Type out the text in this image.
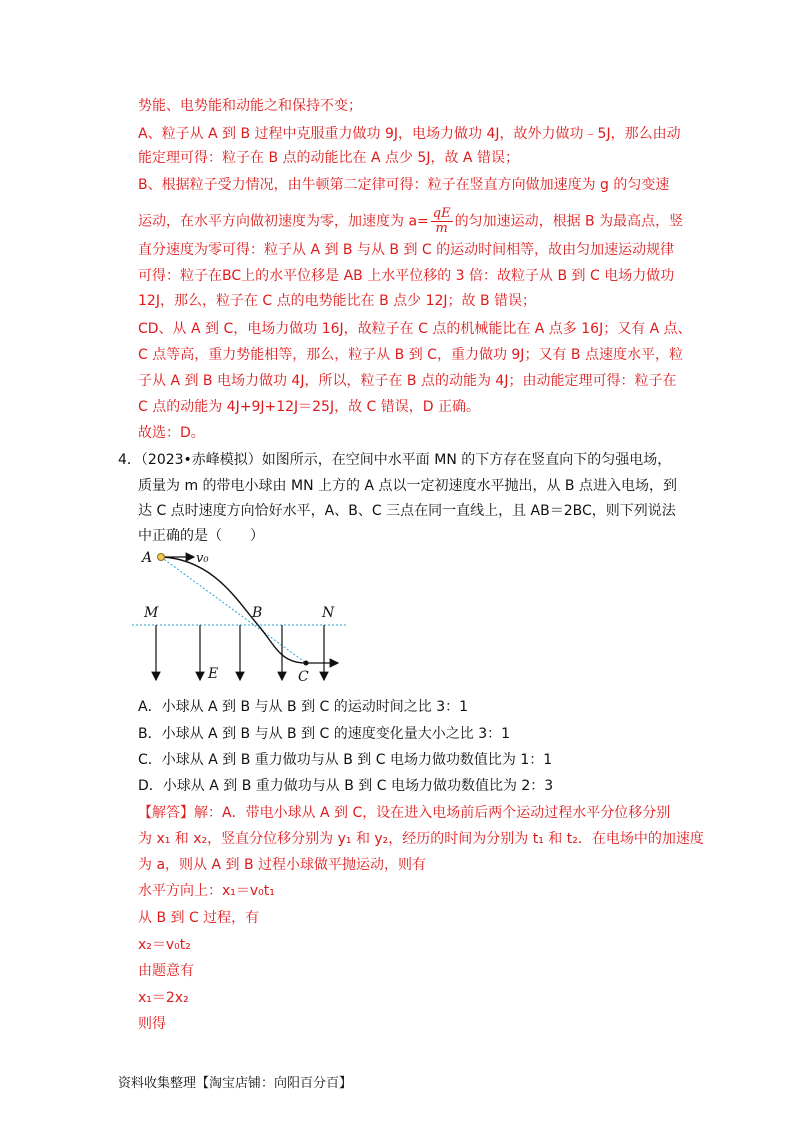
势能、电势能和动能之和保持不变；
A、粒子从 A 到 B 过程中克服重力做功 9J，电场力做功 4J，故外力做功﹣5J，那么由动
能定理可得：粒子在 B 点的动能比在 A 点少 5J，故 A 错误；
B、根据粒子受力情况，由牛顿第二定律可得：粒子在竖直方向做加速度为 g 的匀变速
运动，在水平方向做初速度为零，加速度为 $a= \frac{qE}{m}$ 的匀加速运动，根据 B 为最高点，竖
直分速度为零可得：粒子从 A 到 B 与从 B 到 C 的运动时间相等，故由匀加速运动规律
可得：粒子在BC上的水平位移是 AB 上水平位移的 3 倍：故粒子从 B 到 C 电场力做功
12J，那么，粒子在 C 点的电势能比在 B 点少 12J；故 B 错误；
CD、从 A 到 C，电场力做功 16J，故粒子在 C 点的机械能比在 A 点多 16J；又有 A 点、
C 点等高，重力势能相等，那么，粒子从 B 到 C，重力做功 9J；又有 B 点速度水平，粒
子从 A 到 B 电场力做功 4J，所以，粒子在 B 点的动能为 4J；由动能定理可得：粒子在
C 点的动能为 4J+9J+12J＝25J，故 C 错误，D 正确。
故选：D。
4．（2023•赤峰模拟）如图所示，在空间中水平面 MN 的下方存在竖直向下的匀强电场，
质量为 m 的带电小球由 MN 上方的 A 点以一定初速度水平抛出，从 B 点进入电场，到
达 C 点时速度方向恰好水平，A、B、C 三点在同一直线上，且 AB＝2BC，则下列说法
中正确的是（　　）
A	v₀
M	B	N
E	C
A．小球从 A 到 B 与从 B 到 C 的运动时间之比 3：1
B．小球从 A 到 B 与从 B 到 C 的速度变化量大小之比 3：1
C．小球从 A 到 B 重力做功与从 B 到 C 电场力做功数值比为 1：1
D．小球从 A 到 B 重力做功与从 B 到 C 电场力做功数值比为 2：3
【解答】解：A．带电小球从 A 到 C，设在进入电场前后两个运动过程水平分位移分别
为 x₁ 和 x₂，竖直分位移分别为 y₁ 和 y₂，经历的时间为分别为 t₁ 和 t₂．在电场中的加速度
为 a，则从 A 到 B 过程小球做平抛运动，则有
水平方向上：x₁＝v₀t₁
从 B 到 C 过程，有
x₂＝v₀t₂
由题意有
x₁＝2x₂
则得
资料收集整理【淘宝店铺：向阳百分百】
